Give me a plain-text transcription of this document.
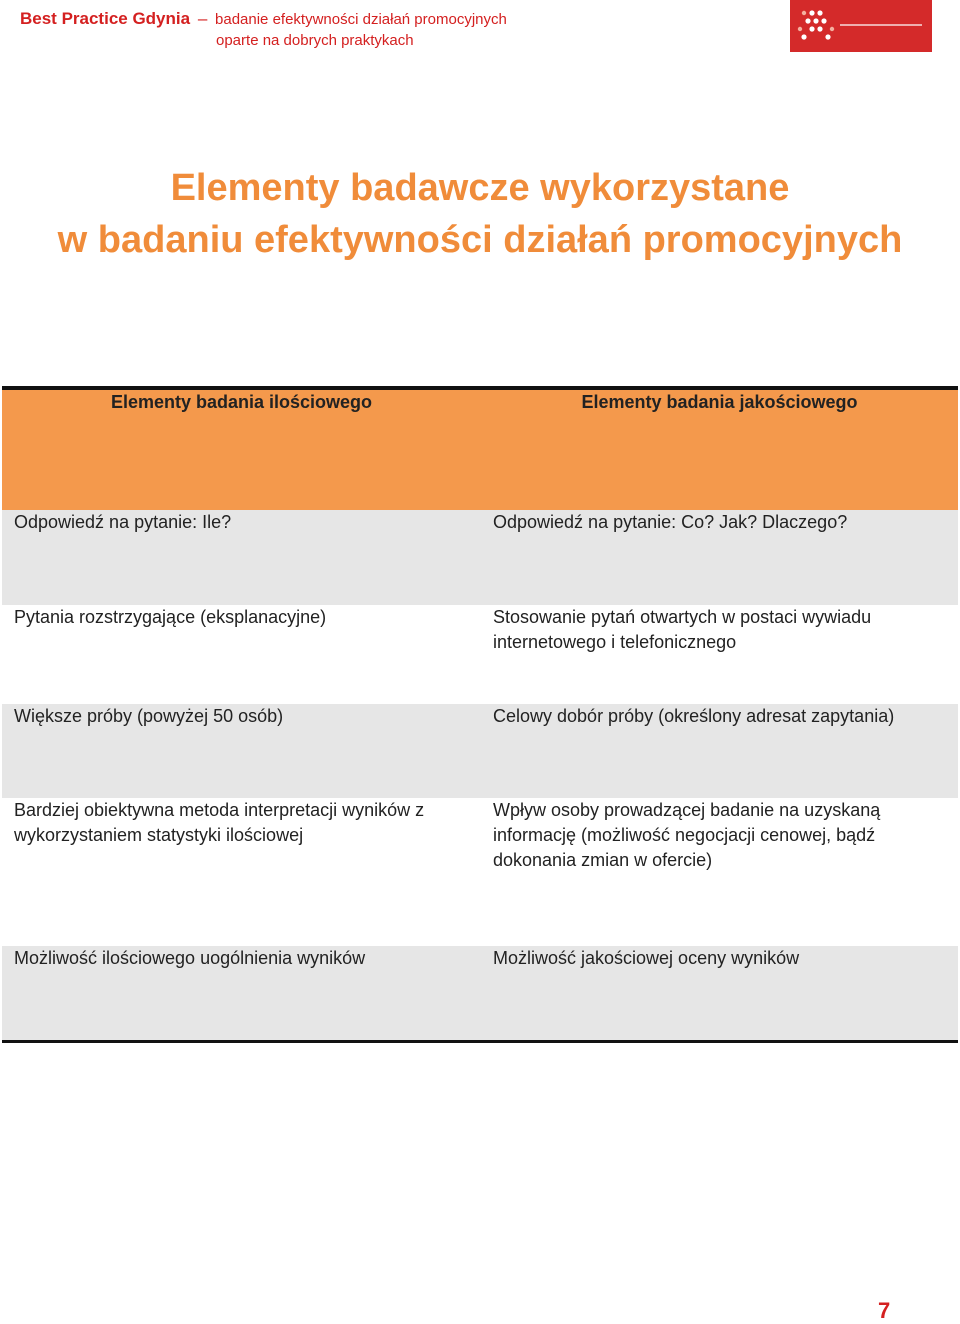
Best Practice Gdynia – badanie efektywności działań promocyjnych
oparte na dobrych praktykach
Elementy badawcze wykorzystane
w badaniu efektywności działań promocyjnych
Elementy badania ilościowego	Elementy badania jakościowego
Odpowiedź na pytanie: Ile?	Odpowiedź na pytanie: Co? Jak? Dlaczego?
Pytania rozstrzygające (eksplanacyjne)	Stosowanie pytań otwartych w postaci wywiadu internetowego i telefonicznego
Większe próby (powyżej 50 osób)	Celowy dobór próby (określony adresat zapytania)
Bardziej obiektywna metoda interpretacji wyników z wykorzystaniem statystyki ilościowej	Wpływ osoby prowadzącej badanie na uzyskaną informację (możliwość negocjacji cenowej, bądź dokonania zmian w ofercie)
Możliwość ilościowego uogólnienia wyników	Możliwość jakościowej oceny wyników
7
